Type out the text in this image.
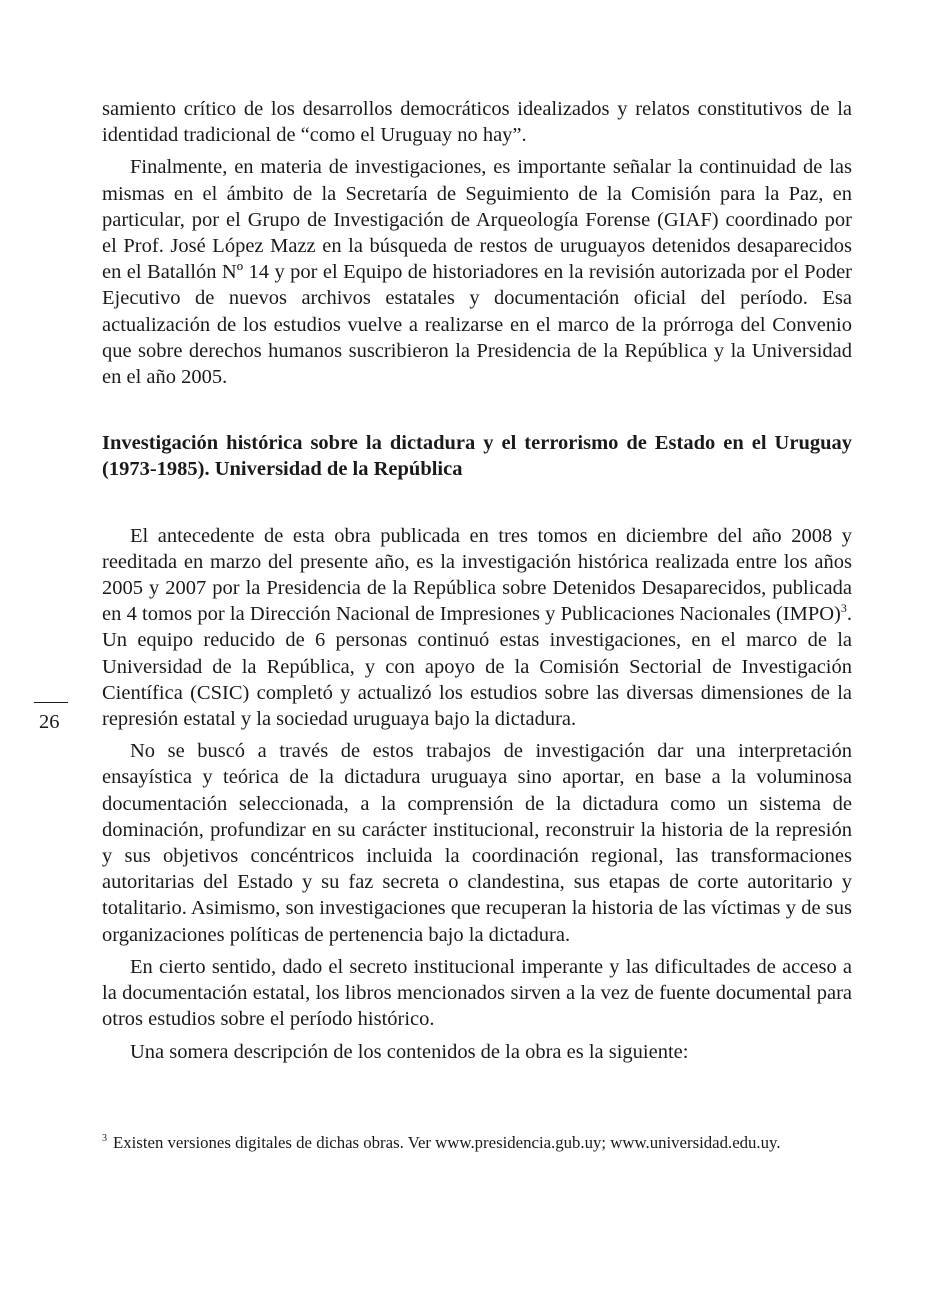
samiento crítico de los desarrollos democráticos idealizados y relatos constitutivos de la identidad tradicional de “como el Uruguay no hay”.

Finalmente, en materia de investigaciones, es importante señalar la continuidad de las mismas en el ámbito de la Secretaría de Seguimiento de la Comisión para la Paz, en particular, por el Grupo de Investigación de Arqueología Forense (GIAF) coordinado por el Prof. José López Mazz en la búsqueda de restos de uruguayos detenidos desaparecidos en el Batallón Nº 14 y por el Equipo de historiadores en la revisión autorizada por el Poder Ejecutivo de nuevos archivos estatales y documentación oficial del período. Esa actualización de los estudios vuelve a realizarse en el marco de la prórroga del Convenio que sobre derechos humanos suscribieron la Presidencia de la República y la Universidad en el año 2005.

Investigación histórica sobre la dictadura y el terrorismo de Estado en el Uruguay (1973-1985). Universidad de la República

El antecedente de esta obra publicada en tres tomos en diciembre del año 2008 y reeditada en marzo del presente año, es la investigación histórica realizada entre los años 2005 y 2007 por la Presidencia de la República sobre Detenidos Desaparecidos, publicada en 4 tomos por la Dirección Nacional de Impresiones y Publicaciones Nacionales (IMPO)$^3$. Un equipo reducido de 6 personas continuó estas investigaciones, en el marco de la Universidad de la República, y con apoyo de la Comisión Sectorial de Investigación Científica (CSIC) completó y actualizó los estudios sobre las diversas dimensiones de la represión estatal y la sociedad uruguaya bajo la dictadura.

No se buscó a través de estos trabajos de investigación dar una interpretación ensayística y teórica de la dictadura uruguaya sino aportar, en base a la voluminosa documentación seleccionada, a la comprensión de la dictadura como un sistema de dominación, profundizar en su carácter institucional, reconstruir la historia de la represión y sus objetivos concéntricos incluida la coordinación regional, las transformaciones autoritarias del Estado y su faz secreta o clandestina, sus etapas de corte autoritario y totalitario. Asimismo, son investigaciones que recuperan la historia de las víctimas y de sus organizaciones políticas de pertenencia bajo la dictadura.

En cierto sentido, dado el secreto institucional imperante y las dificultades de acceso a la documentación estatal, los libros mencionados sirven a la vez de fuente documental para otros estudios sobre el período histórico.

Una somera descripción de los contenidos de la obra es la siguiente:

26
$^3$ Existen versiones digitales de dichas obras. Ver www.presidencia.gub.uy; www.universidad.edu.uy.
